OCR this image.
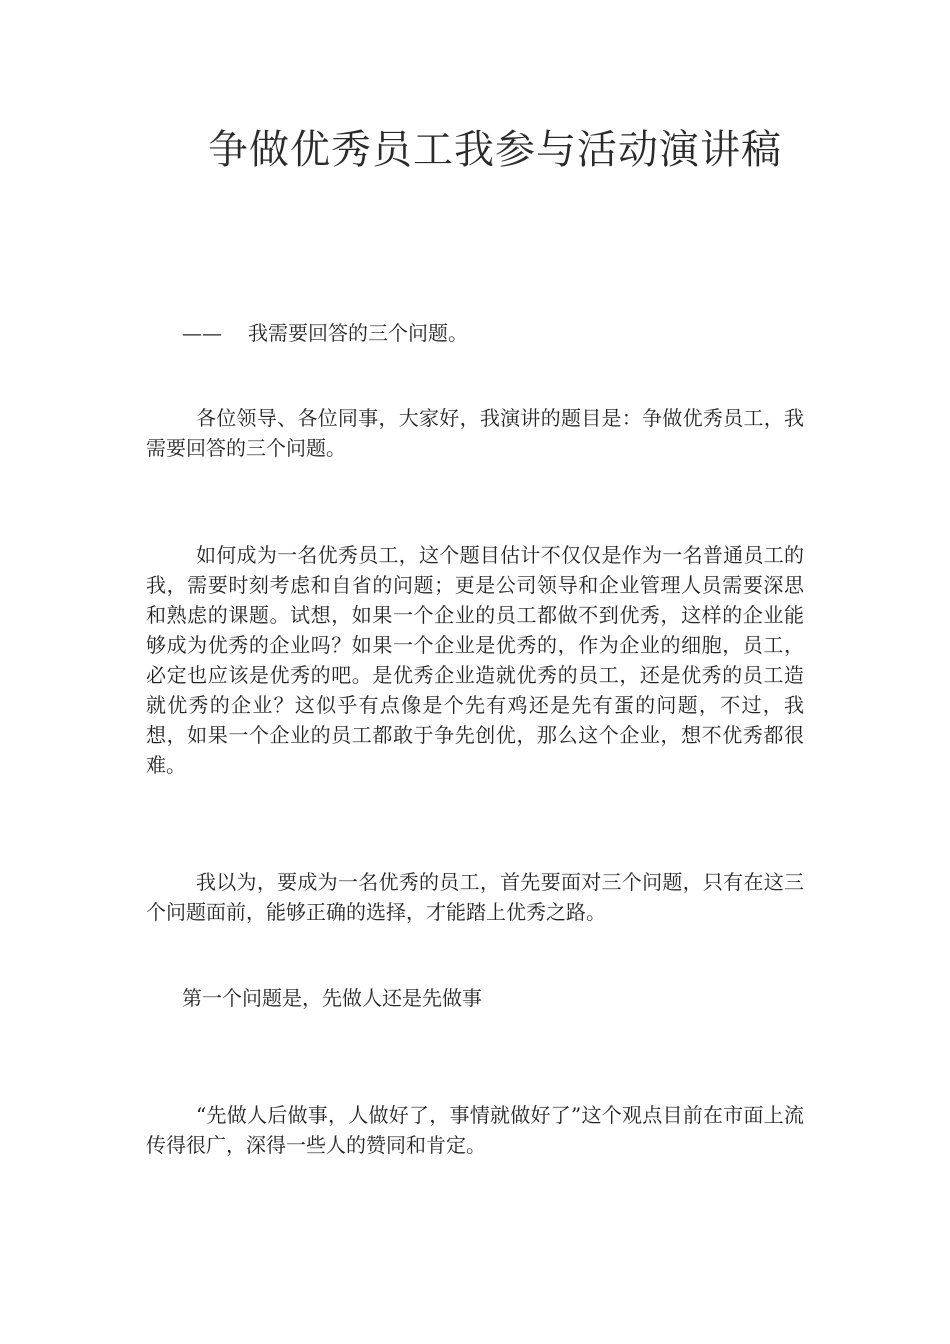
争做优秀员工我参与活动演讲稿
—— 我需要回答的三个问题。

各位领导、各位同事，大家好，我演讲的题目是：争做优秀员工，我需要回答的三个问题。

如何成为一名优秀员工，这个题目估计不仅仅是作为一名普通员工的我，需要时刻考虑和自省的问题；更是公司领导和企业管理人员需要深思和熟虑的课题。试想，如果一个企业的员工都做不到优秀，这样的企业能够成为优秀的企业吗？如果一个企业是优秀的，作为企业的细胞，员工，必定也应该是优秀的吧。是优秀企业造就优秀的员工，还是优秀的员工造就优秀的企业？这似乎有点像是个先有鸡还是先有蛋的问题，不过，我想，如果一个企业的员工都敢于争先创优，那么这个企业，想不优秀都很难。

我以为，要成为一名优秀的员工，首先要面对三个问题，只有在这三个问题面前，能够正确的选择，才能踏上优秀之路。

第一个问题是，先做人还是先做事

“先做人后做事，人做好了，事情就做好了”这个观点目前在市面上流传得很广，深得一些人的赞同和肯定。
